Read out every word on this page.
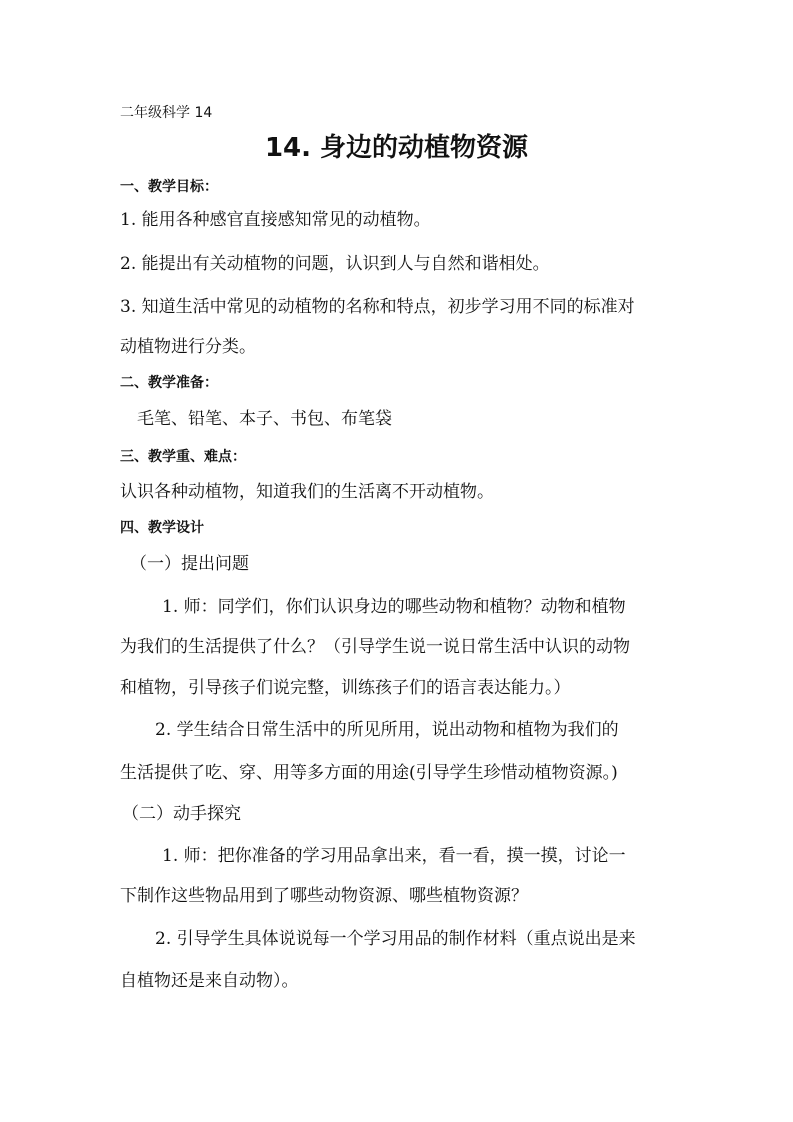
二年级科学 14
14. 身边的动植物资源
一、教学目标：
1. 能用各种感官直接感知常见的动植物。
2. 能提出有关动植物的问题，认识到人与自然和谐相处。
3. 知道生活中常见的动植物的名称和特点，初步学习用不同的标准对
动植物进行分类。
二、教学准备：
毛笔、铅笔、本子、书包、布笔袋
三、教学重、难点：
认识各种动植物，知道我们的生活离不开动植物。
四、教学设计
（一）提出问题
1. 师：同学们，你们认识身边的哪些动物和植物？动物和植物
为我们的生活提供了什么？（引导学生说一说日常生活中认识的动物
和植物，引导孩子们说完整，训练孩子们的语言表达能力。）
2. 学生结合日常生活中的所见所用，说出动物和植物为我们的
生活提供了吃、穿、用等多方面的用途(引导学生珍惜动植物资源。)
（二）动手探究
1. 师：把你准备的学习用品拿出来，看一看，摸一摸，讨论一
下制作这些物品用到了哪些动物资源、哪些植物资源？
2. 引导学生具体说说每一个学习用品的制作材料（重点说出是来
自植物还是来自动物）。
